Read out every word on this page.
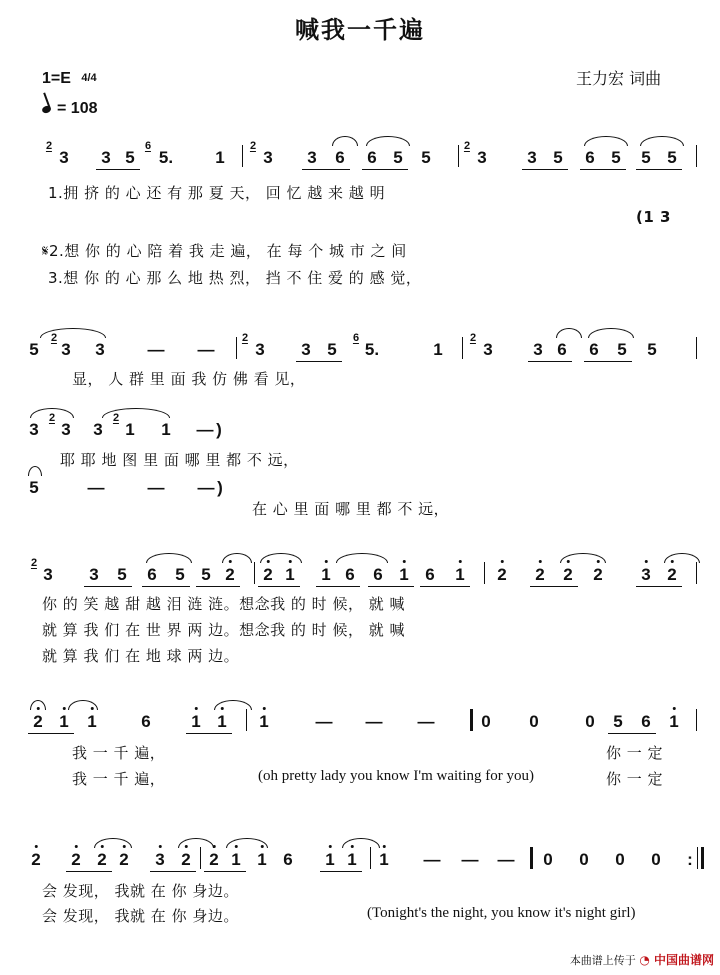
喊我一千遍
1=E 4/4
= 108
王力宏 词曲
1.拥 挤 的 心 还 有 那 夏 天， 回 忆 越 来 越 明
(1 3
𝄋2.想 你 的 心 陪 着 我 走 遍， 在 每 个 城 市 之 间
3.想 你 的 心 那 么 地 热 烈， 挡 不 住 爱 的 感 觉，
显， 人 群 里 面 我 仿 佛 看 见，
耶 耶 地 图 里 面 哪 里 都 不 远，
在 心 里 面 哪 里 都 不 远，
你 的 笑 越 甜 越 泪 涟 涟。想念我 的 时 候， 就 喊
就 算 我 们 在 世 界 两 边。想念我 的 时 候， 就 喊
就 算 我 们 在 地 球 两 边。
我 一 千 遍，	你 一 定
我 一 千 遍，	(oh pretty lady you know I'm waiting for you)	你 一 定
会 发现， 我就 在 你 身边。
会 发现， 我就 在 你 身边。	(Tonight's the night, you know it's night girl)
本曲谱上传于 ◔ 中国曲谱网
2
3 3 5
6
5. 1
2
3 3 6 6 5 5
2
3 3 5 6 5 5 5
5
2
3 3	— —
2
3 3 5
6
5.	1
2
3 3 6 6 5 5
3
2
3 3
2
1 1 — )
5	—	— — )
2
3 3 5 6 5 5 2 2 1 1 6 6 1 6 1 2 2 2 2 3 2
2 1 1	6 1 1 1	— — —	0 0	0 5 6 1
2 2 2 2 3 2 2 1 1 6 1 1 1 — — — 0 0 0 0 :
